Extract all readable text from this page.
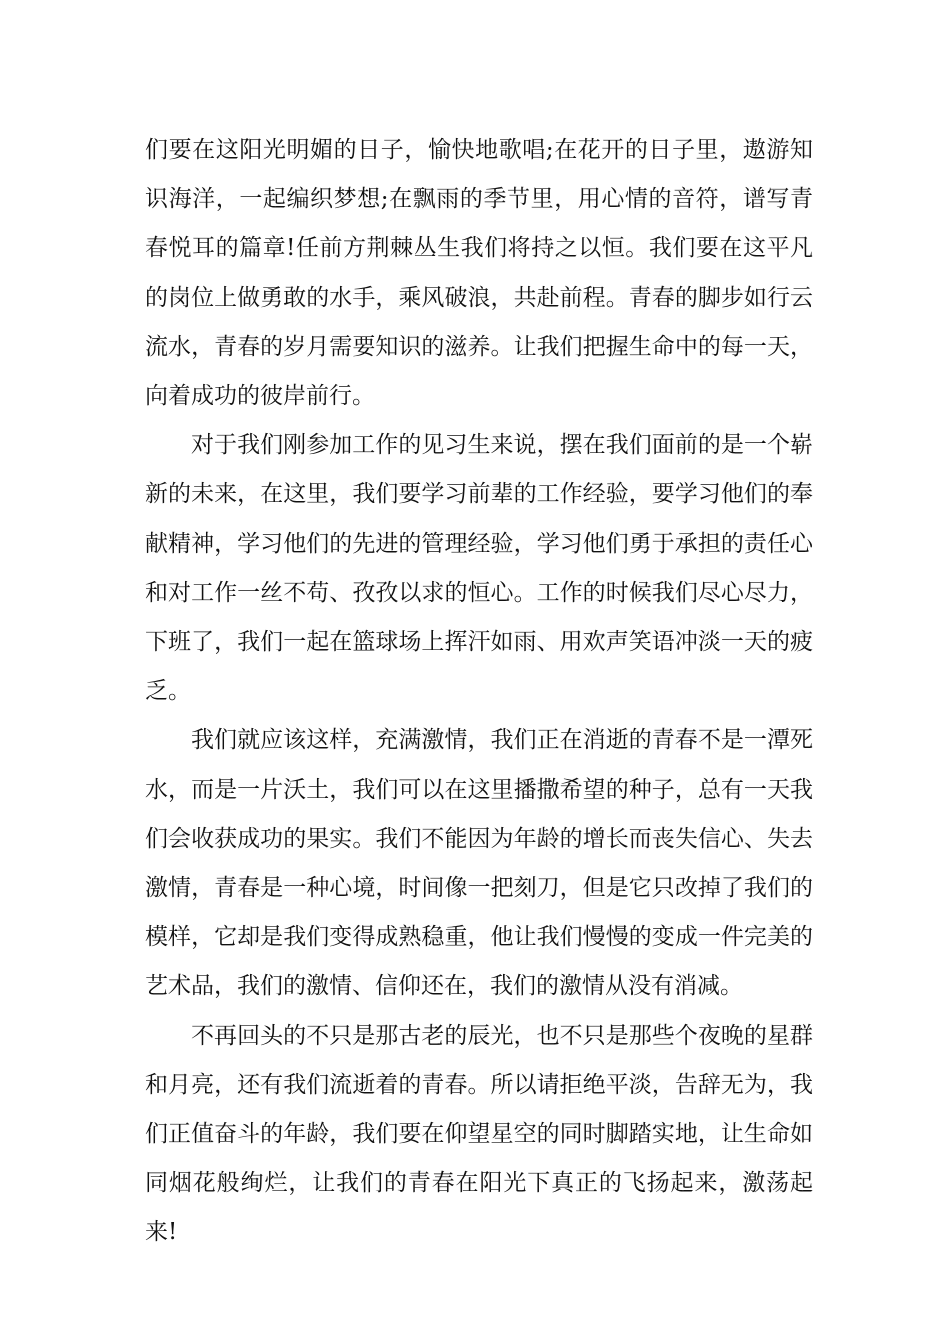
们要在这阳光明媚的日子，愉快地歌唱;在花开的日子里，遨游知识海洋，一起编织梦想;在飘雨的季节里，用心情的音符，谱写青春悦耳的篇章!任前方荆棘丛生我们将持之以恒。我们要在这平凡的岗位上做勇敢的水手，乘风破浪，共赴前程。青春的脚步如行云流水，青春的岁月需要知识的滋养。让我们把握生命中的每一天，向着成功的彼岸前行。

对于我们刚参加工作的见习生来说，摆在我们面前的是一个崭新的未来，在这里，我们要学习前辈的工作经验，要学习他们的奉献精神，学习他们的先进的管理经验，学习他们勇于承担的责任心和对工作一丝不苟、孜孜以求的恒心。工作的时候我们尽心尽力，下班了，我们一起在篮球场上挥汗如雨、用欢声笑语冲淡一天的疲乏。

我们就应该这样，充满激情，我们正在消逝的青春不是一潭死水，而是一片沃土，我们可以在这里播撒希望的种子，总有一天我们会收获成功的果实。我们不能因为年龄的增长而丧失信心、失去激情，青春是一种心境，时间像一把刻刀，但是它只改掉了我们的模样，它却是我们变得成熟稳重，他让我们慢慢的变成一件完美的艺术品，我们的激情、信仰还在，我们的激情从没有消减。

不再回头的不只是那古老的辰光，也不只是那些个夜晚的星群和月亮，还有我们流逝着的青春。所以请拒绝平淡，告辞无为，我们正值奋斗的年龄，我们要在仰望星空的同时脚踏实地，让生命如同烟花般绚烂，让我们的青春在阳光下真正的飞扬起来，激荡起来!
